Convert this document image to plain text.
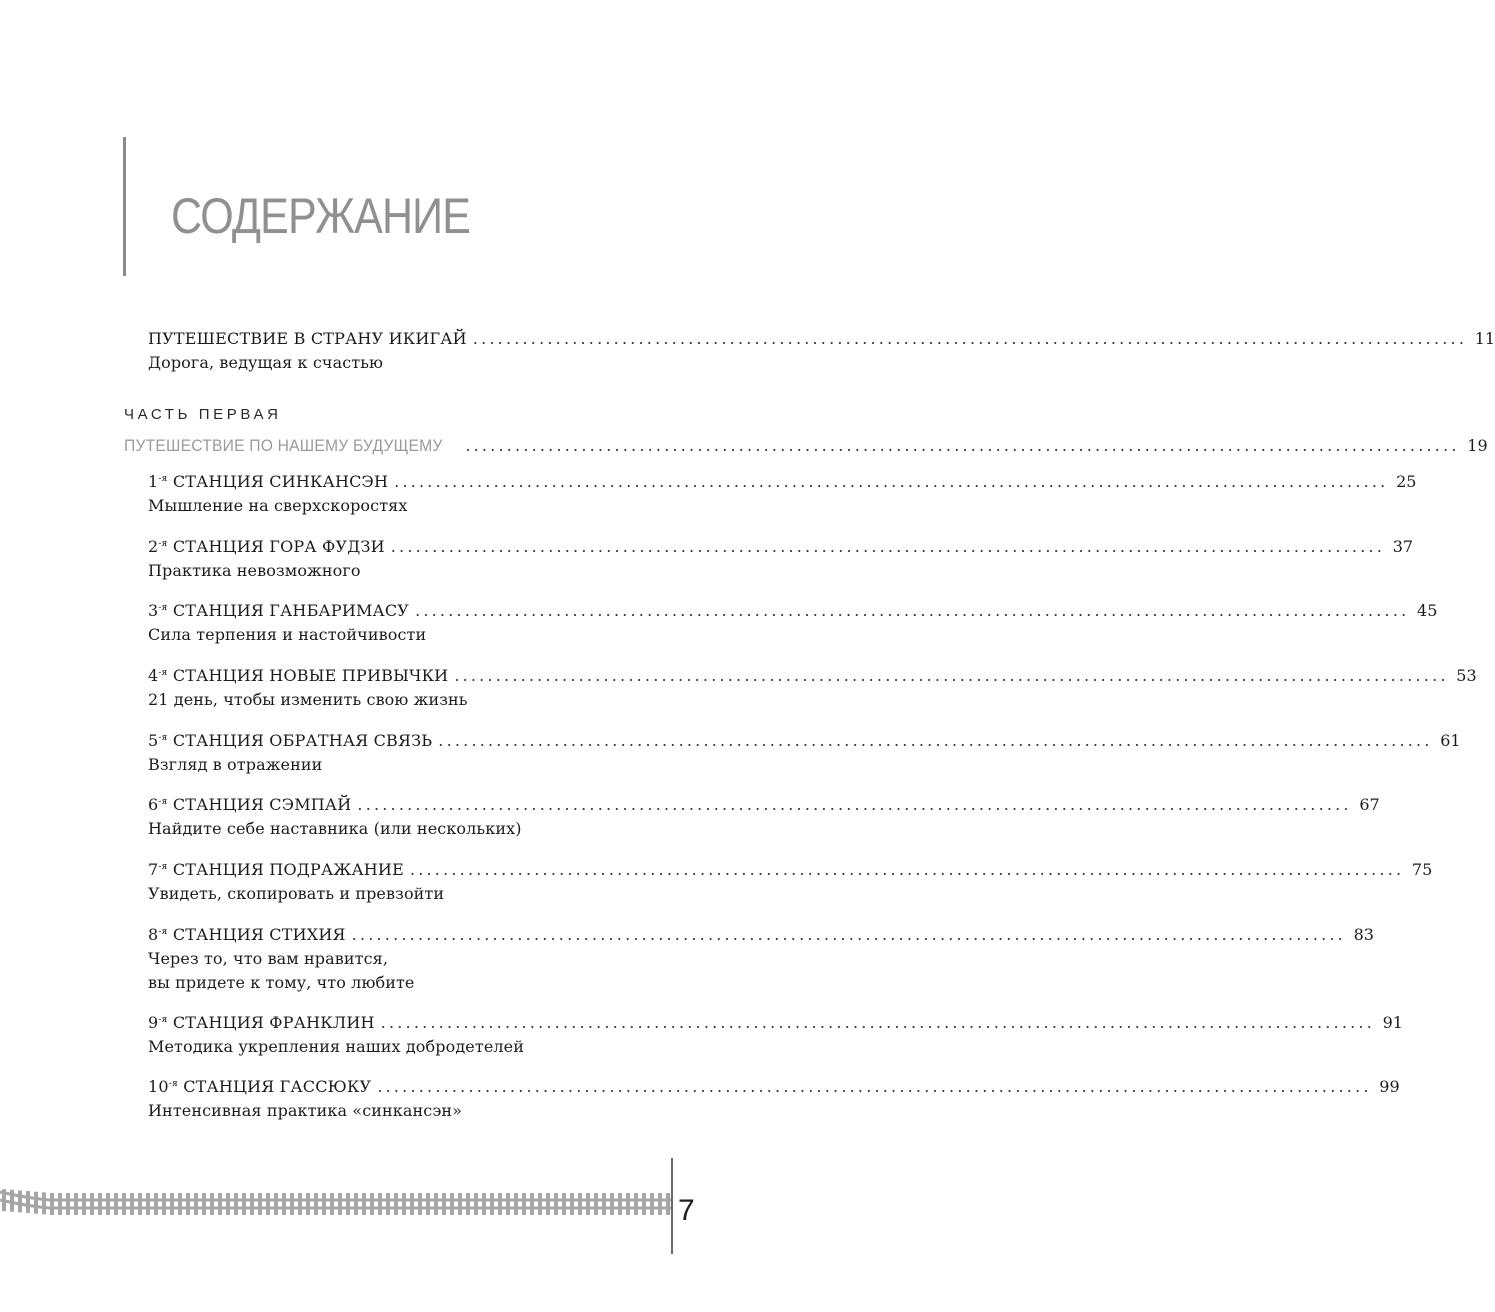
СОДЕРЖАНИЕ
ПУТЕШЕСТВИЕ В СТРАНУ ИКИГАЙ ........................................................................................................................ 11
Дорога, ведущая к счастью
ЧАСТЬ ПЕРВАЯ
ПУТЕШЕСТВИЕ ПО НАШЕМУ БУДУЩЕМУ	........................................................................................................................ 19
$1^{-я}$ СТАНЦИЯ СИНКАНСЭН ........................................................................................................................ 25
Мышление на сверхскоростях
$2^{-я}$ СТАНЦИЯ ГОРА ФУДЗИ ........................................................................................................................ 37
Практика невозможного
$3^{-я}$ СТАНЦИЯ ГАНБАРИМАСУ ........................................................................................................................ 45
Сила терпения и настойчивости
$4^{-я}$ СТАНЦИЯ НОВЫЕ ПРИВЫЧКИ ........................................................................................................................ 53
21 день, чтобы изменить свою жизнь
$5^{-я}$ СТАНЦИЯ ОБРАТНАЯ СВЯЗЬ ........................................................................................................................ 61
Взгляд в отражении
$6^{-я}$ СТАНЦИЯ СЭМПАЙ ........................................................................................................................ 67
Найдите себе наставника (или нескольких)
$7^{-я}$ СТАНЦИЯ ПОДРАЖАНИЕ ........................................................................................................................ 75
Увидеть, скопировать и превзойти
$8^{-я}$ СТАНЦИЯ СТИХИЯ ........................................................................................................................ 83
Через то, что вам нравится,
вы придете к тому, что любите
$9^{-я}$ СТАНЦИЯ ФРАНКЛИН ........................................................................................................................ 91
Методика укрепления наших добродетелей
$10^{-я}$ СТАНЦИЯ ГАССЮКУ ........................................................................................................................ 99
Интенсивная практика «синкансэн»
7
